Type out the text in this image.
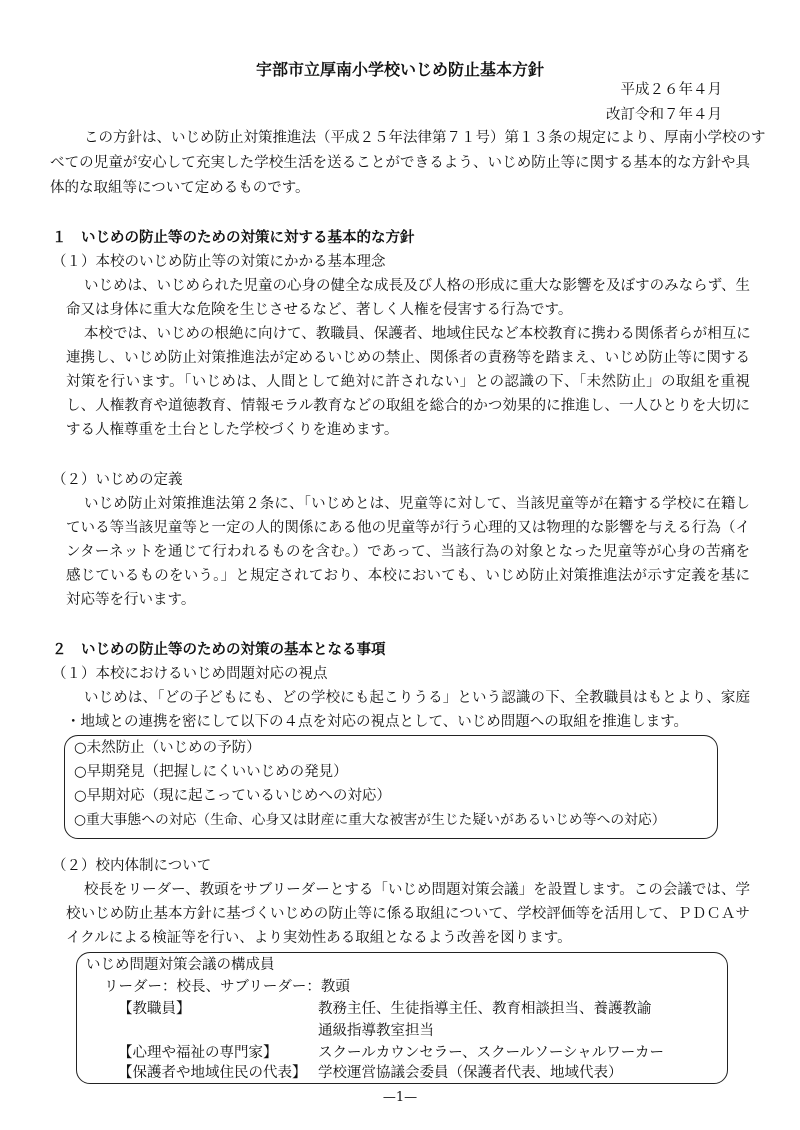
宇部市立厚南小学校いじめ防止基本方針
平成２６年４月
改訂令和７年４月
この方針は、いじめ防止対策推進法（平成２５年法律第７１号）第１３条の規定により、厚南小学校のす
べての児童が安心して充実した学校生活を送ることができるよう、いじめ防止等に関する基本的な方針や具
体的な取組等について定めるものです。
１　いじめの防止等のための対策に対する基本的な方針
（１）本校のいじめ防止等の対策にかかる基本理念
いじめは、いじめられた児童の心身の健全な成長及び人格の形成に重大な影響を及ぼすのみならず、生
命又は身体に重大な危険を生じさせるなど、著しく人権を侵害する行為です。
本校では、いじめの根絶に向けて、教職員、保護者、地域住民など本校教育に携わる関係者らが相互に
連携し、いじめ防止対策推進法が定めるいじめの禁止、関係者の責務等を踏まえ、いじめ防止等に関する
対策を行います。「いじめは、人間として絶対に許されない」との認識の下、「未然防止」の取組を重視
し、人権教育や道徳教育、情報モラル教育などの取組を総合的かつ効果的に推進し、一人ひとりを大切に
する人権尊重を土台とした学校づくりを進めます。
（２）いじめの定義
いじめ防止対策推進法第２条に、「いじめとは、児童等に対して、当該児童等が在籍する学校に在籍し
ている等当該児童等と一定の人的関係にある他の児童等が行う心理的又は物理的な影響を与える行為（イ
ンターネットを通じて行われるものを含む。）であって、当該行為の対象となった児童等が心身の苦痛を
感じているものをいう。」と規定されており、本校においても、いじめ防止対策推進法が示す定義を基に
対応等を行います。
２　いじめの防止等のための対策の基本となる事項
（１）本校におけるいじめ問題対応の視点
いじめは、「どの子どもにも、どの学校にも起こりうる」という認識の下、全教職員はもとより、家庭
・地域との連携を密にして以下の４点を対応の視点として、いじめ問題への取組を推進します。
○未然防止（いじめの予防）
○早期発見（把握しにくいいじめの発見）
○早期対応（現に起こっているいじめへの対応）
○重大事態への対応（生命、心身又は財産に重大な被害が生じた疑いがあるいじめ等への対応）
（２）校内体制について
校長をリーダー、教頭をサブリーダーとする「いじめ問題対策会議」を設置します。この会議では、学
校いじめ防止基本方針に基づくいじめの防止等に係る取組について、学校評価等を活用して、ＰＤＣＡサ
イクルによる検証等を行い、より実効性ある取組となるよう改善を図ります。
いじめ問題対策会議の構成員
リーダー：校長、サブリーダー：教頭
【教職員】	教務主任、生徒指導主任、教育相談担当、養護教諭
通級指導教室担当
【心理や福祉の専門家】	スクールカウンセラー、スクールソーシャルワーカー
【保護者や地域住民の代表】 学校運営協議会委員（保護者代表、地域代表）
—1—
